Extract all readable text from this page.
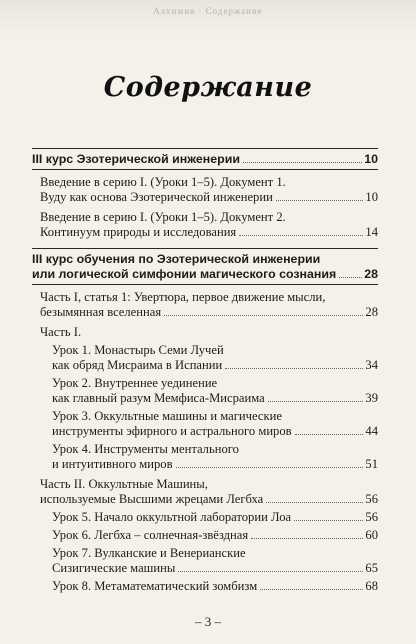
Алхимия · Содержание
Содержание
III курс Эзотерической инженерии	10
Введение в серию I. (Уроки 1–5). Документ 1.
Вуду как основа Эзотерической инженерии	10
Введение в серию I. (Уроки 1–5). Документ 2.
Континуум природы и исследования	14
III курс обучения по Эзотерической инженерии
или логической симфонии магического сознания 28
Часть I, статья 1: Увертюра, первое движение мысли,
безымянная вселенная	28
Часть I.
Урок 1. Монастырь Семи Лучей
как обряд Мисраима в Испании	34
Урок 2. Внутреннее уединение
как главный разум Мемфиса-Мисраима	39
Урок 3. Оккультные машины и магические
инструменты эфирного и астрального миров	44
Урок 4. Инструменты ментального
и интуитивного миров	51
Часть II. Оккультные Машины,
используемые Высшими жрецами Легбха	56
Урок 5. Начало оккультной лаборатории Лоа	56
Урок 6. Легбха – солнечная-звёздная	60
Урок 7. Вулканские и Венерианские
Сизигические машины	65
Урок 8. Метаматематический зомбизм	68
– 3 –
